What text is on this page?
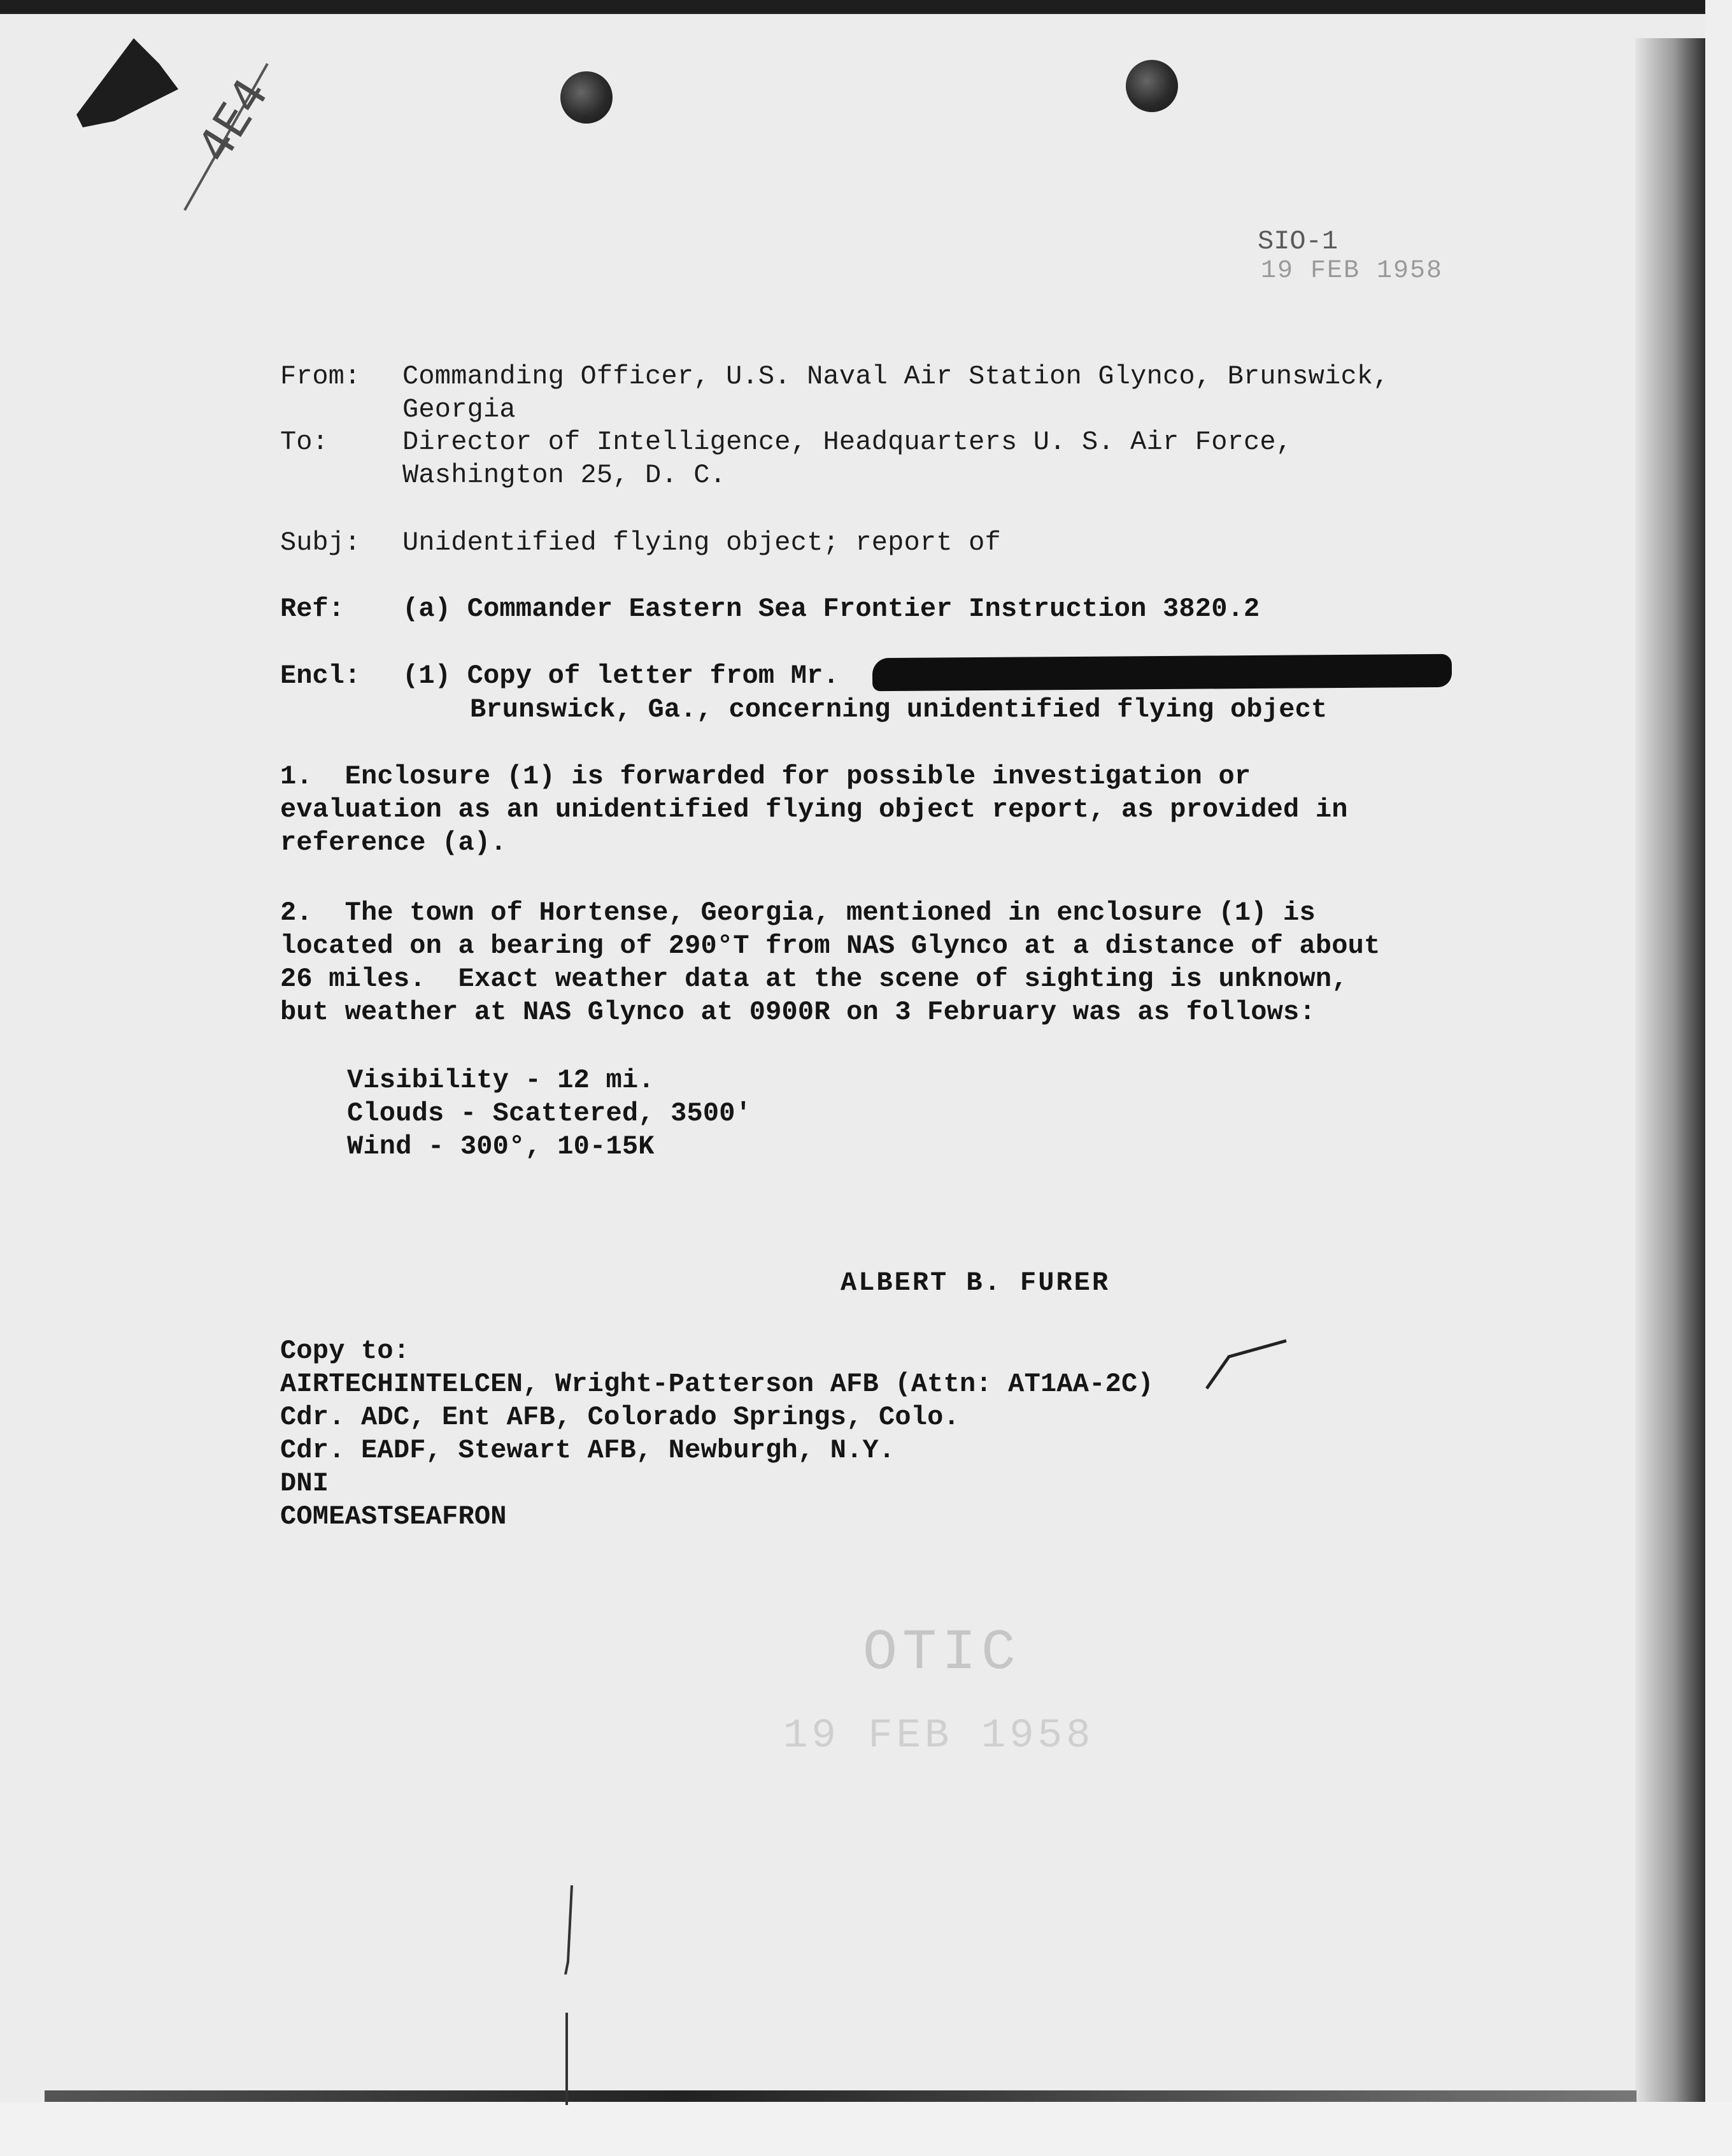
4E4
SIO-1
19 FEB 1958
From: Commanding Officer, U.S. Naval Air Station Glynco, Brunswick,
Georgia
To:	Director of Intelligence, Headquarters U. S. Air Force,
Washington 25, D. C.
Subj: Unidentified flying object; report of
Ref: (a) Commander Eastern Sea Frontier Instruction 3820.2
Encl: (1) Copy of letter from Mr.
Brunswick, Ga., concerning unidentified flying object
1.  Enclosure (1) is forwarded for possible investigation or
evaluation as an unidentified flying object report, as provided in
reference (a).
2.  The town of Hortense, Georgia, mentioned in enclosure (1) is
located on a bearing of 290°T from NAS Glynco at a distance of about
26 miles.  Exact weather data at the scene of sighting is unknown,
but weather at NAS Glynco at 0900R on 3 February was as follows:
Visibility - 12 mi.
Clouds - Scattered, 3500'
Wind - 300°, 10-15K
ALBERT B. FURER
Copy to:
AIRTECHINTELCEN, Wright-Patterson AFB (Attn: AT1AA-2C)
Cdr. ADC, Ent AFB, Colorado Springs, Colo.
Cdr. EADF, Stewart AFB, Newburgh, N.Y.
DNI
COMEASTSEAFRON
OTIC
19 FEB 1958
